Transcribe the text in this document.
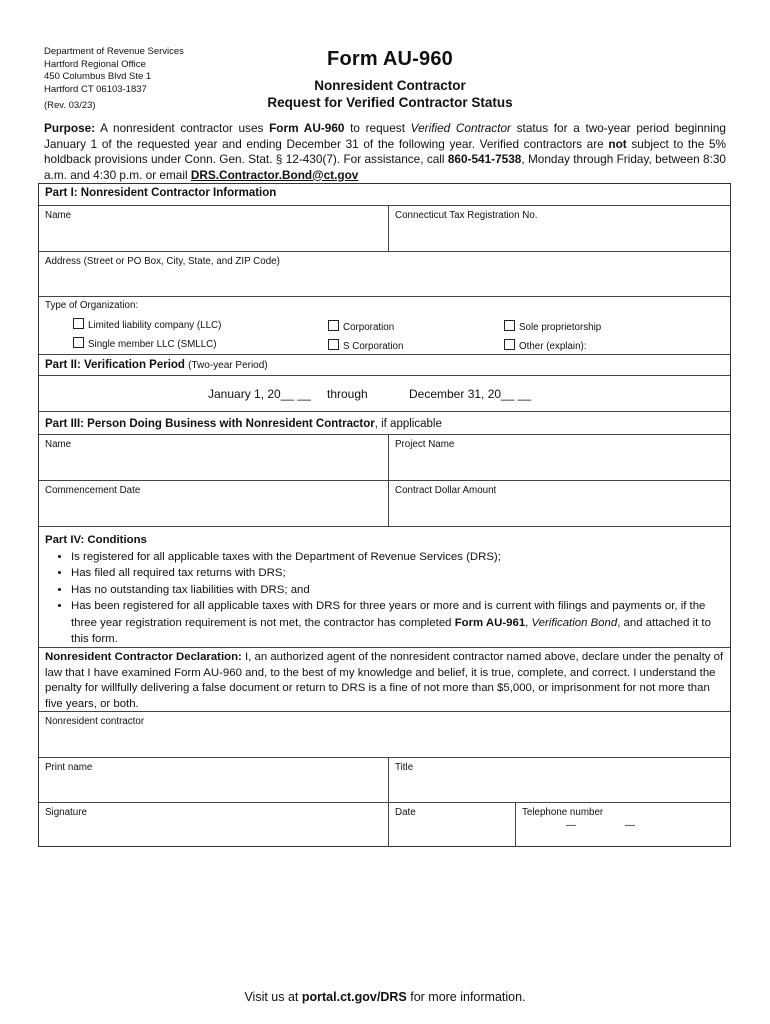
Department of Revenue Services
Hartford Regional Office
450 Columbus Blvd Ste 1
Hartford CT 06103-1837
(Rev. 03/23)
Form AU-960
Nonresident Contractor
Request for Verified Contractor Status
Purpose: A nonresident contractor uses Form AU-960 to request Verified Contractor status for a two-year period beginning January 1 of the requested year and ending December 31 of the following year. Verified contractors are not subject to the 5% holdback provisions under Conn. Gen. Stat. § 12-430(7). For assistance, call 860-541-7538, Monday through Friday, between 8:30 a.m. and 4:30 p.m. or email DRS.Contractor.Bond@ct.gov
Part I: Nonresident Contractor Information
Name	Connecticut Tax Registration No.
Address (Street or PO Box, City, State, and ZIP Code)
Type of Organization:
Limited liability company (LLC)	Corporation	Sole proprietorship
Single member LLC (SMLLC)	S Corporation	Other (explain):
Part II: Verification Period (Two-year Period)
January 1, 20__ __ through	December 31, 20__ __
Part III: Person Doing Business with Nonresident Contractor, if applicable
Name	Project Name
Commencement Date	Contract Dollar Amount
Part IV: Conditions
• Is registered for all applicable taxes with the Department of Revenue Services (DRS);
• Has filed all required tax returns with DRS;
• Has no outstanding tax liabilities with DRS; and
• Has been registered for all applicable taxes with DRS for three years or more and is current with filings and payments or, if the three year registration requirement is not met, the contractor has completed Form AU-961, Verification Bond, and attached it to this form.
Nonresident Contractor Declaration: I, an authorized agent of the nonresident contractor named above, declare under the penalty of law that I have examined Form AU-960 and, to the best of my knowledge and belief, it is true, complete, and correct. I understand the penalty for willfully delivering a false document or return to DRS is a fine of not more than $5,000, or imprisonment for not more than five years, or both.
Nonresident contractor
Print name	Title
Signature	Date	Telephone number
—	—
Visit us at portal.ct.gov/DRS for more information.
